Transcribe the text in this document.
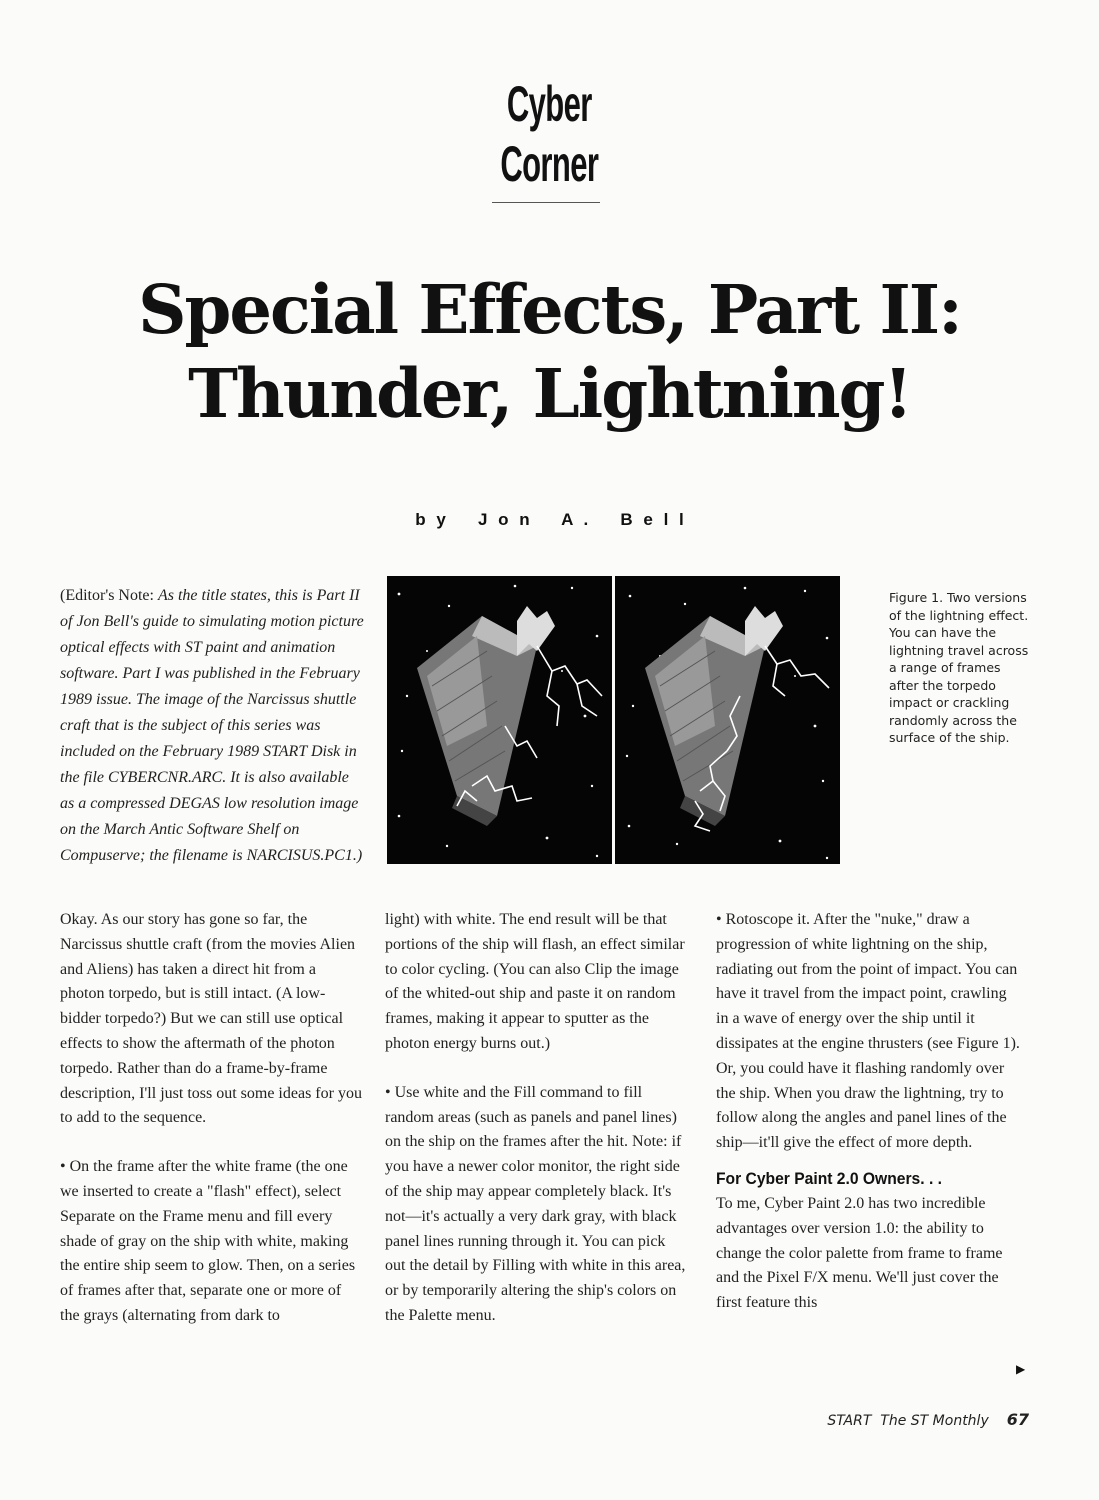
Cyber
Corner
Special Effects, Part II:
Thunder, Lightning!
b y   J o n   A .   B e l l
(Editor's Note: As the title states, this is Part II of Jon Bell's guide to simulating motion picture optical effects with ST paint and animation software. Part I was published in the February 1989 issue. The image of the Narcissus shuttle craft that is the subject of this series was included on the February 1989 START Disk in the file CYBERCNR.ARC. It is also available as a compressed DEGAS low resolution image on the March Antic Software Shelf on Compuserve; the filename is NARCISUS.PC1.)
Figure 1. Two versions of the lightning effect. You can have the lightning travel across a range of frames after the torpedo impact or crackling randomly across the surface of the ship.

Okay. As our story has gone so far, the Narcissus shuttle craft (from the movies Alien and Aliens) has taken a direct hit from a photon torpedo, but is still intact. (A low-bidder torpedo?) But we can still use optical effects to show the aftermath of the photon torpedo. Rather than do a frame-by-frame description, I'll just toss out some ideas for you to add to the sequence.

• On the frame after the white frame (the one we inserted to create a "flash" effect), select Separate on the Frame menu and fill every shade of gray on the ship with white, making the entire ship seem to glow. Then, on a series of frames after that, separate one or more of the grays (alternating from dark to

light) with white. The end result will be that portions of the ship will flash, an effect similar to color cycling. (You can also Clip the image of the whited-out ship and paste it on random frames, making it appear to sputter as the photon energy burns out.)

• Use white and the Fill command to fill random areas (such as panels and panel lines) on the ship on the frames after the hit. Note: if you have a newer color monitor, the right side of the ship may appear completely black. It's not—it's actually a very dark gray, with black panel lines running through it. You can pick out the detail by Filling with white in this area, or by temporarily altering the ship's colors on the Palette menu.

• Rotoscope it. After the "nuke," draw a progression of white lightning on the ship, radiating out from the point of impact. You can have it travel from the impact point, crawling in a wave of energy over the ship until it dissipates at the engine thrusters (see Figure 1). Or, you could have it flashing randomly over the ship. When you draw the lightning, try to follow along the angles and panel lines of the ship—it'll give the effect of more depth.

For Cyber Paint 2.0 Owners. . .

To me, Cyber Paint 2.0 has two incredible advantages over version 1.0: the ability to change the color palette from frame to frame and the Pixel F/X menu. We'll just cover the first feature this

▶
START  The ST Monthly 67
